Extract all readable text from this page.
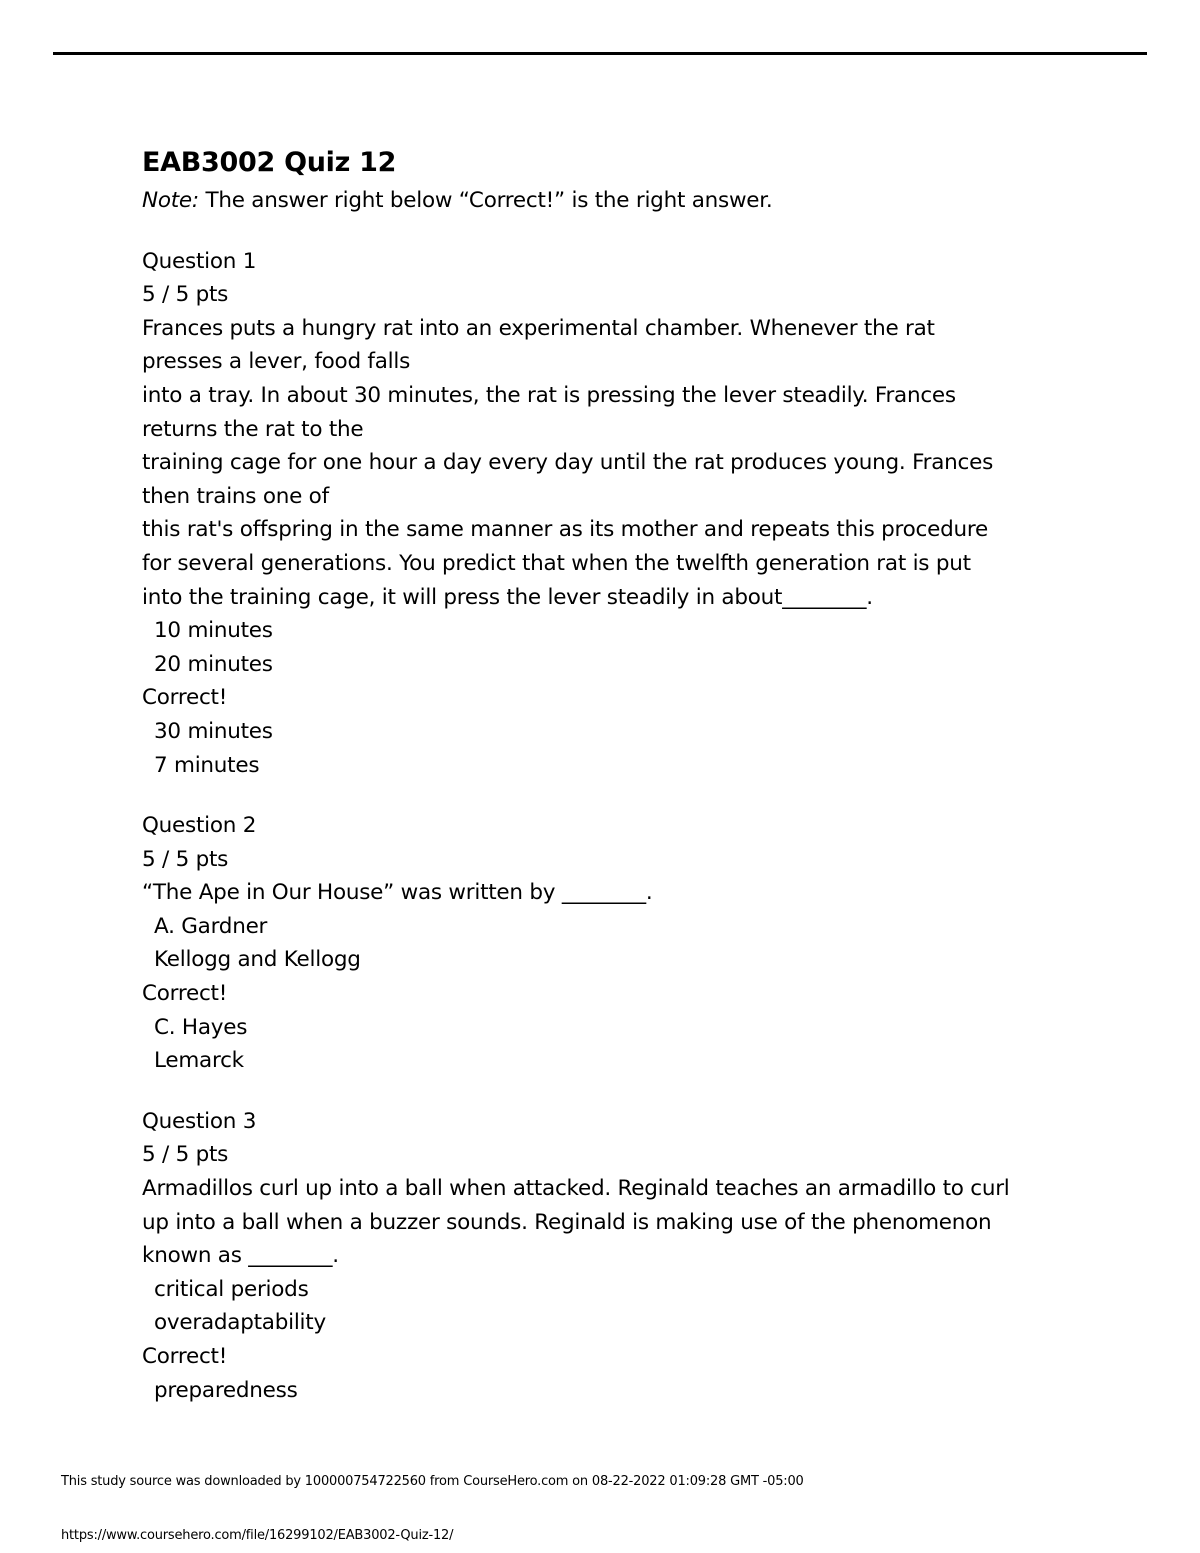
EAB3002 Quiz 12
Note: The answer right below “Correct!” is the right answer.
Question 1
5 / 5 pts
Frances puts a hungry rat into an experimental chamber. Whenever the rat
presses a lever, food falls
into a tray. In about 30 minutes, the rat is pressing the lever steadily. Frances
returns the rat to the
training cage for one hour a day every day until the rat produces young. Frances
then trains one of
this rat's offspring in the same manner as its mother and repeats this procedure
for several generations. You predict that when the twelfth generation rat is put
into the training cage, it will press the lever steadily in about________.
10 minutes
20 minutes
Correct!
30 minutes
7 minutes
Question 2
5 / 5 pts
“The Ape in Our House” was written by ________.
A. Gardner
Kellogg and Kellogg
Correct!
C. Hayes
Lemarck
Question 3
5 / 5 pts
Armadillos curl up into a ball when attacked. Reginald teaches an armadillo to curl
up into a ball when a buzzer sounds. Reginald is making use of the phenomenon
known as ________.
critical periods
overadaptability
Correct!
preparedness
This study source was downloaded by 100000754722560 from CourseHero.com on 08-22-2022 01:09:28 GMT -05:00
https://www.coursehero.com/file/16299102/EAB3002-Quiz-12/
